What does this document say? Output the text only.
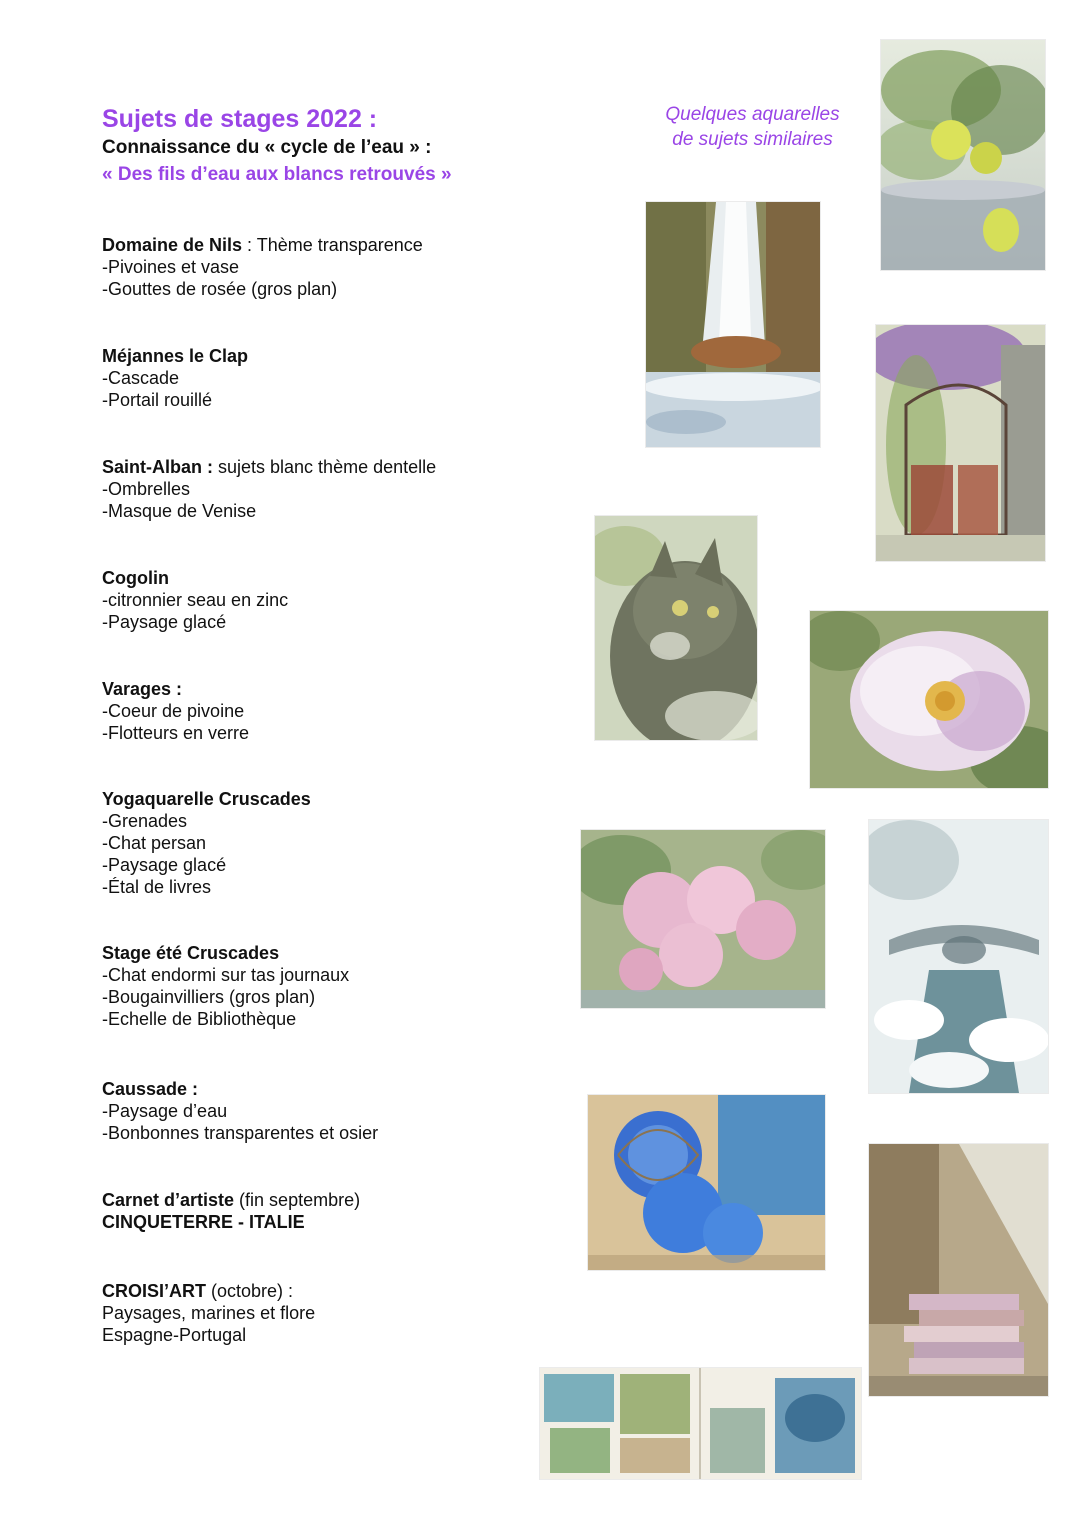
Sujets de stages 2022 :
Connaissance du « cycle de l’eau » :
« Des fils d’eau aux blancs retrouvés »
Quelques aquarelles
de sujets similaires
Domaine de Nils : Thème transparence
-Pivoines et vase
-Gouttes de rosée (gros plan)
Méjannes le Clap
-Cascade
-Portail rouillé
Saint-Alban : sujets blanc thème dentelle
-Ombrelles
-Masque de Venise
Cogolin
-citronnier seau en zinc
-Paysage glacé
Varages :
-Coeur de pivoine
-Flotteurs en verre
Yogaquarelle Cruscades
-Grenades
-Chat persan
-Paysage glacé
-Étal de livres
Stage été Cruscades
-Chat endormi sur tas journaux
-Bougainvilliers (gros plan)
-Echelle de Bibliothèque
Caussade :
-Paysage d’eau
-Bonbonnes transparentes et osier
Carnet d’artiste (fin septembre)
CINQUETERRE - ITALIE
CROISI’ART (octobre) :
Paysages, marines et flore
Espagne-Portugal
